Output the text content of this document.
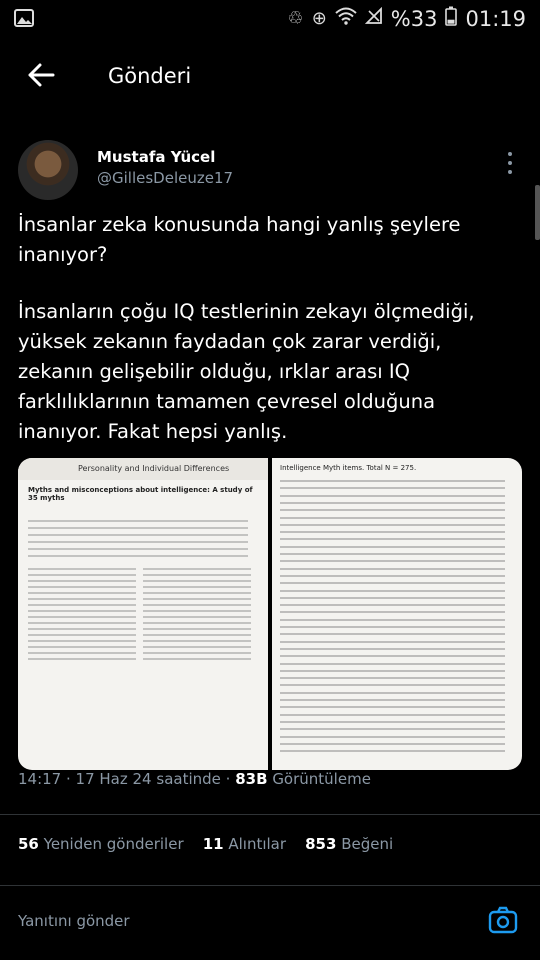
♲ ⊕	%33 01:19
Gönderi
Mustafa Yücel
@GillesDeleuze17

İnsanlar zeka konusunda hangi yanlış şeylere inanıyor?

İnsanların çoğu IQ testlerinin zekayı ölçmediği, yüksek zekanın faydadan çok zarar verdiği, zekanın gelişebilir olduğu, ırklar arası IQ farklılıklarının tamamen çevresel olduğuna inanıyor. Fakat hepsi yanlış.

Personality and Individual Differences
Myths and misconceptions about intelligence: A study of 35 myths
Intelligence Myth items. Total N = 275.
14:17 · 17 Haz 24 saatinde · 83B Görüntüleme
56 Yeniden gönderiler 11 Alıntılar 853 Beğeni
Yanıtını gönder
